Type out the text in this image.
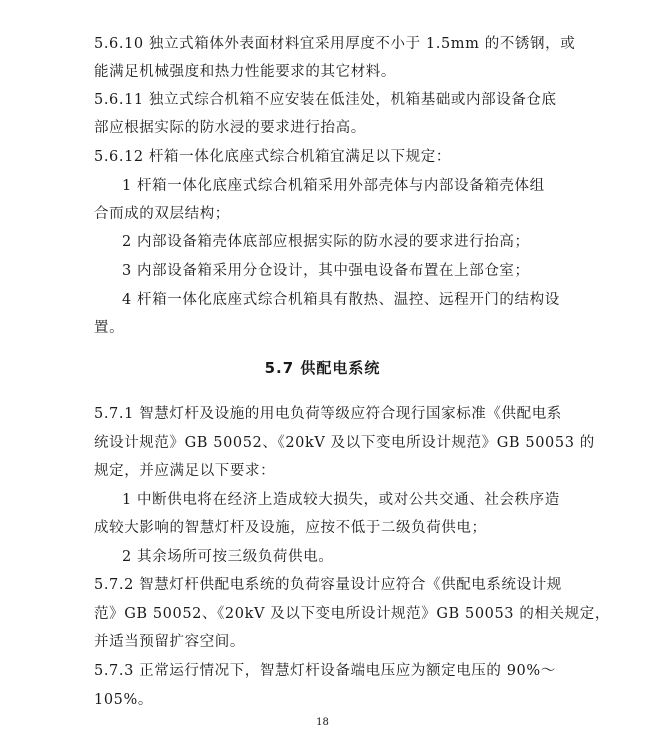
5.6.10 独立式箱体外表面材料宜采用厚度不小于 1.5mm 的不锈钢，或
能满足机械强度和热力性能要求的其它材料。
5.6.11 独立式综合机箱不应安装在低洼处，机箱基础或内部设备仓底
部应根据实际的防水浸的要求进行抬高。
5.6.12 杆箱一体化底座式综合机箱宜满足以下规定：
1 杆箱一体化底座式综合机箱采用外部壳体与内部设备箱壳体组
合而成的双层结构；
2 内部设备箱壳体底部应根据实际的防水浸的要求进行抬高；
3 内部设备箱采用分仓设计，其中强电设备布置在上部仓室；
4 杆箱一体化底座式综合机箱具有散热、温控、远程开门的结构设
置。
5.7 供配电系统
5.7.1 智慧灯杆及设施的用电负荷等级应符合现行国家标准《供配电系
统设计规范》GB 50052、《20kV 及以下变电所设计规范》GB 50053 的
规定，并应满足以下要求：
1 中断供电将在经济上造成较大损失，或对公共交通、社会秩序造
成较大影响的智慧灯杆及设施，应按不低于二级负荷供电；
2 其余场所可按三级负荷供电。
5.7.2 智慧灯杆供配电系统的负荷容量设计应符合《供配电系统设计规
范》GB 50052、《20kV 及以下变电所设计规范》GB 50053 的相关规定，
并适当预留扩容空间。
5.7.3 正常运行情况下，智慧灯杆设备端电压应为额定电压的 90%～
105%。
18
